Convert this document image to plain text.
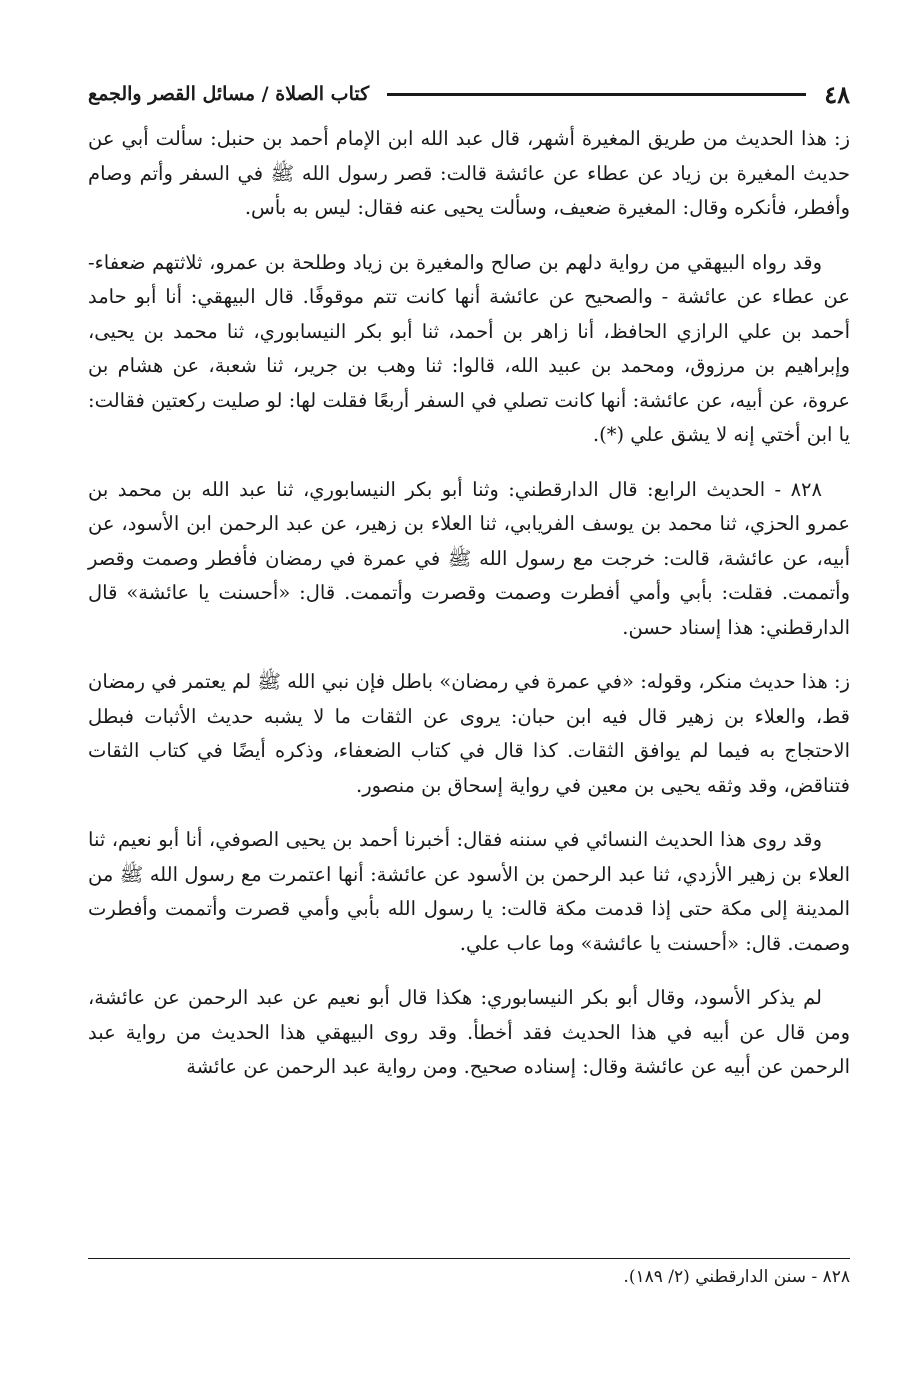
٤٨
كتاب الصلاة / مسائل القصر والجمع

ز: هذا الحديث من طريق المغيرة أشهر، قال عبد الله ابن الإمام أحمد بن حنبل: سألت أبي عن حديث المغيرة بن زياد عن عطاء عن عائشة قالت: قصر رسول الله ﷺ في السفر وأتم وصام وأفطر، فأنكره وقال: المغيرة ضعيف، وسألت يحيى عنه فقال: ليس به بأس.

وقد رواه البيهقي من رواية دلهم بن صالح والمغيرة بن زياد وطلحة بن عمرو، ثلاثتهم ضعفاء- عن عطاء عن عائشة - والصحيح عن عائشة أنها كانت تتم موقوفًا. قال البيهقي: أنا أبو حامد أحمد بن علي الرازي الحافظ، أنا زاهر بن أحمد، ثنا أبو بكر النيسابوري، ثنا محمد بن يحيى، وإبراهيم بن مرزوق، ومحمد بن عبيد الله، قالوا: ثنا وهب بن جرير، ثنا شعبة، عن هشام بن عروة، عن أبيه، عن عائشة: أنها كانت تصلي في السفر أربعًا فقلت لها: لو صليت ركعتين فقالت: يا ابن أختي إنه لا يشق علي (*).

٨٢٨ - الحديث الرابع: قال الدارقطني: وثنا أبو بكر النيسابوري، ثنا عبد الله بن محمد بن عمرو الحزي، ثنا محمد بن يوسف الفريابي، ثنا العلاء بن زهير، عن عبد الرحمن ابن الأسود، عن أبيه، عن عائشة، قالت: خرجت مع رسول الله ﷺ في عمرة في رمضان فأفطر وصمت وقصر وأتممت. فقلت: بأبي وأمي أفطرت وصمت وقصرت وأتممت. قال: «أحسنت يا عائشة» قال الدارقطني: هذا إسناد حسن.

ز: هذا حديث منكر، وقوله: «في عمرة في رمضان» باطل فإن نبي الله ﷺ لم يعتمر في رمضان قط، والعلاء بن زهير قال فيه ابن حبان: يروى عن الثقات ما لا يشبه حديث الأثبات فبطل الاحتجاج به فيما لم يوافق الثقات. كذا قال في كتاب الضعفاء، وذكره أيضًا في كتاب الثقات فتناقض، وقد وثقه يحيى بن معين في رواية إسحاق بن منصور.

وقد روى هذا الحديث النسائي في سننه فقال: أخبرنا أحمد بن يحيى الصوفي، أنا أبو نعيم، ثنا العلاء بن زهير الأزدي، ثنا عبد الرحمن بن الأسود عن عائشة: أنها اعتمرت مع رسول الله ﷺ من المدينة إلى مكة حتى إذا قدمت مكة قالت: يا رسول الله بأبي وأمي قصرت وأتممت وأفطرت وصمت. قال: «أحسنت يا عائشة» وما عاب علي.

لم يذكر الأسود، وقال أبو بكر النيسابوري: هكذا قال أبو نعيم عن عبد الرحمن عن عائشة، ومن قال عن أبيه في هذا الحديث فقد أخطأ. وقد روى البيهقي هذا الحديث من رواية عبد الرحمن عن أبيه عن عائشة وقال: إسناده صحيح. ومن رواية عبد الرحمن عن عائشة

٨٢٨ - سنن الدارقطني (٢/ ١٨٩).
